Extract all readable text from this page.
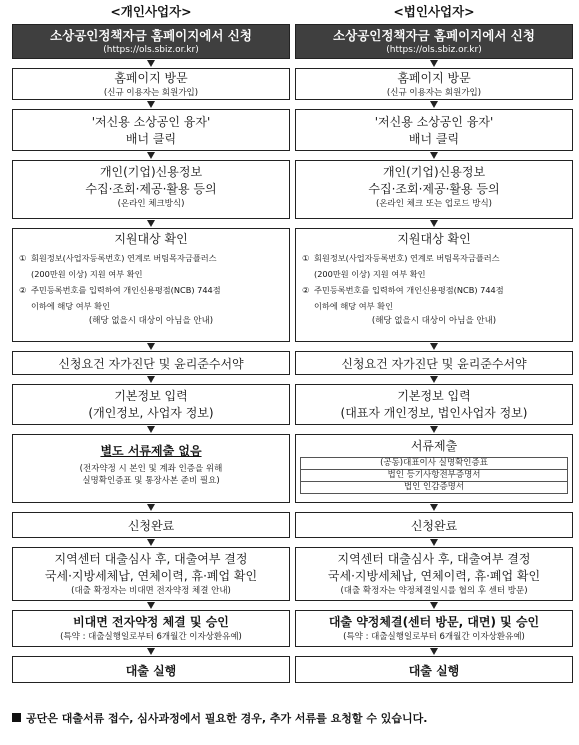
<개인사업자>
소상공인정책자금 홈페이지에서 신청
(https://ols.sbiz.or.kr)
홈페이지 방문
(신규 이용자는 회원가입)
'저신용 소상공인 융자'
배너 클릭
개인(기업)신용정보
수집·조회·제공·활용 등의
(온라인 체크방식)
지원대상 확인
① 회원정보(사업자등록번호) 연계로 버팀목자금플러스
(200만원 이상) 지원 여부 확인
② 주민등록번호를 입력하여 개인신용평점(NCB) 744점
이하에 해당 여부 확인
(해당 없을시 대상이 아님을 안내)
신청요건 자가진단 및 윤리준수서약
기본정보 입력
(개인정보, 사업자 정보)
별도 서류제출 없음
(전자약정 시 본인 및 계좌 인증을 위해
실명확인증표 및 통장사본 준비 필요)
신청완료
지역센터 대출심사 후, 대출여부 결정
국세·지방세체납, 연체이력, 휴·폐업 확인
(대출 확정자는 비대면 전자약정 체결 안내)
비대면 전자약정 체결 및 승인
(특약 : 대출실행일로부터 6개월간 이자상환유예)
대출 실행
<법인사업자>
소상공인정책자금 홈페이지에서 신청
(https://ols.sbiz.or.kr)
홈페이지 방문
(신규 이용자는 회원가입)
'저신용 소상공인 융자'
배너 클릭
개인(기업)신용정보
수집·조회·제공·활용 등의
(온라인 체크 또는 업로드 방식)
지원대상 확인
① 회원정보(사업자등록번호) 연계로 버팀목자금플러스
(200만원 이상) 지원 여부 확인
② 주민등록번호를 입력하여 개인신용평점(NCB) 744점
이하에 해당 여부 확인
(해당 없을시 대상이 아님을 안내)
신청요건 자가진단 및 윤리준수서약
기본정보 입력
(대표자 개인정보, 법인사업자 정보)
서류제출
(공동)대표이사 실명확인증표
법인 등기사항전부증명서
법인 인감증명서
신청완료
지역센터 대출심사 후, 대출여부 결정
국세·지방세체납, 연체이력, 휴·폐업 확인
(대출 확정자는 약정체결일시를 협의 후 센터 방문)
대출 약정체결(센터 방문, 대면) 및 승인
(특약 : 대출실행일로부터 6개월간 이자상환유예)
대출 실행
공단은 대출서류 접수, 심사과정에서 필요한 경우, 추가 서류를 요청할 수 있습니다.
